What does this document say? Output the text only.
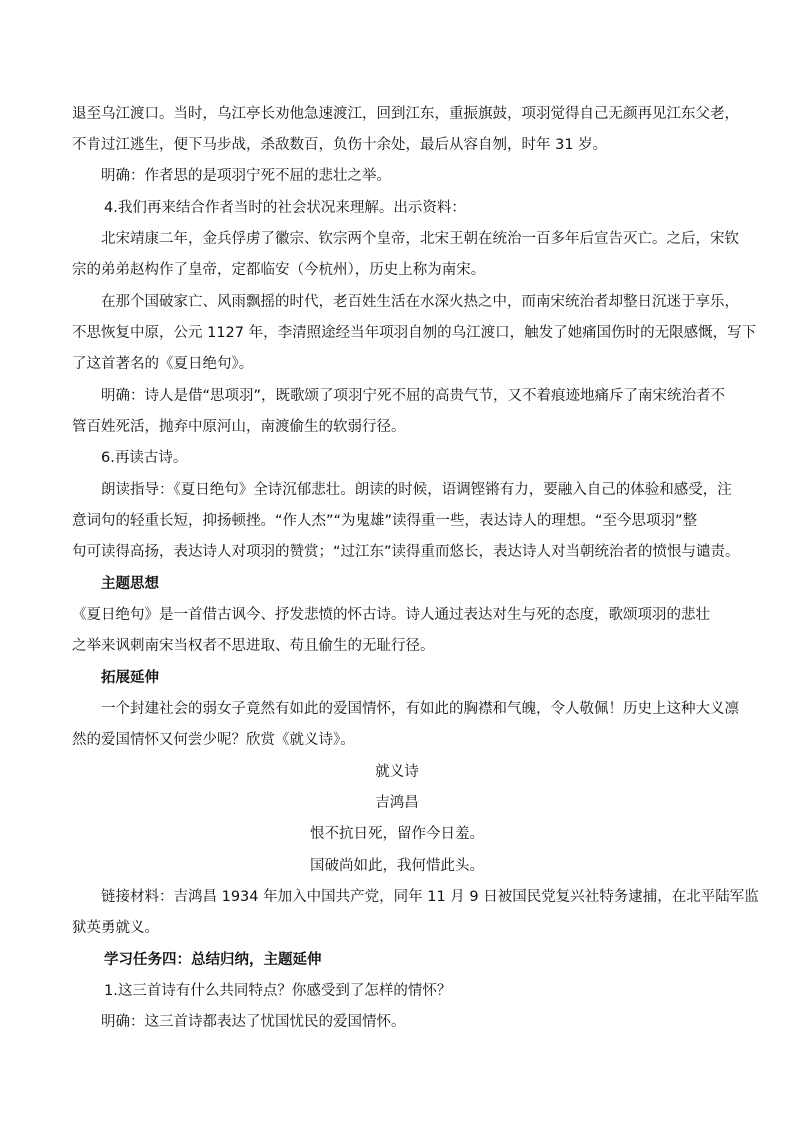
退至乌江渡口。当时，乌江亭长劝他急速渡江，回到江东，重振旗鼓，项羽觉得自己无颜再见江东父老，
不肯过江逃生，便下马步战，杀敌数百，负伤十余处，最后从容自刎，时年 31 岁。
明确：作者思的是项羽宁死不屈的悲壮之举。
4.我们再来结合作者当时的社会状况来理解。出示资料：
北宋靖康二年，金兵俘虏了徽宗、钦宗两个皇帝，北宋王朝在统治一百多年后宣告灭亡。之后，宋钦
宗的弟弟赵构作了皇帝，定都临安（今杭州），历史上称为南宋。
在那个国破家亡、风雨飘摇的时代，老百姓生活在水深火热之中，而南宋统治者却整日沉迷于享乐，
不思恢复中原，公元 1127 年，李清照途经当年项羽自刎的乌江渡口，触发了她痛国伤时的无限感慨，写下
了这首著名的《夏日绝句》。
明确：诗人是借“思项羽”，既歌颂了项羽宁死不屈的高贵气节，又不着痕迹地痛斥了南宋统治者不
管百姓死活，抛弃中原河山，南渡偷生的软弱行径。
6.再读古诗。
朗读指导：《夏日绝句》全诗沉郁悲壮。朗读的时候，语调铿锵有力，要融入自己的体验和感受，注
意词句的轻重长短，抑扬顿挫。“作人杰”“为鬼雄”读得重一些，表达诗人的理想。“至今思项羽”整
句可读得高扬，表达诗人对项羽的赞赏；“过江东”读得重而悠长，表达诗人对当朝统治者的愤恨与谴责。
主题思想
《夏日绝句》是一首借古讽今、抒发悲愤的怀古诗。诗人通过表达对生与死的态度，歌颂项羽的悲壮
之举来讽刺南宋当权者不思进取、苟且偷生的无耻行径。
拓展延伸
一个封建社会的弱女子竟然有如此的爱国情怀，有如此的胸襟和气魄，令人敬佩！历史上这种大义凛
然的爱国情怀又何尝少呢？欣赏《就义诗》。
就义诗
吉鸿昌
恨不抗日死，留作今日羞。
国破尚如此，我何惜此头。
链接材料：吉鸿昌 1934 年加入中国共产党，同年 11 月 9 日被国民党复兴社特务逮捕，在北平陆军监
狱英勇就义。
学习任务四：总结归纳，主题延伸
1.这三首诗有什么共同特点？你感受到了怎样的情怀？
明确：这三首诗都表达了忧国忧民的爱国情怀。
